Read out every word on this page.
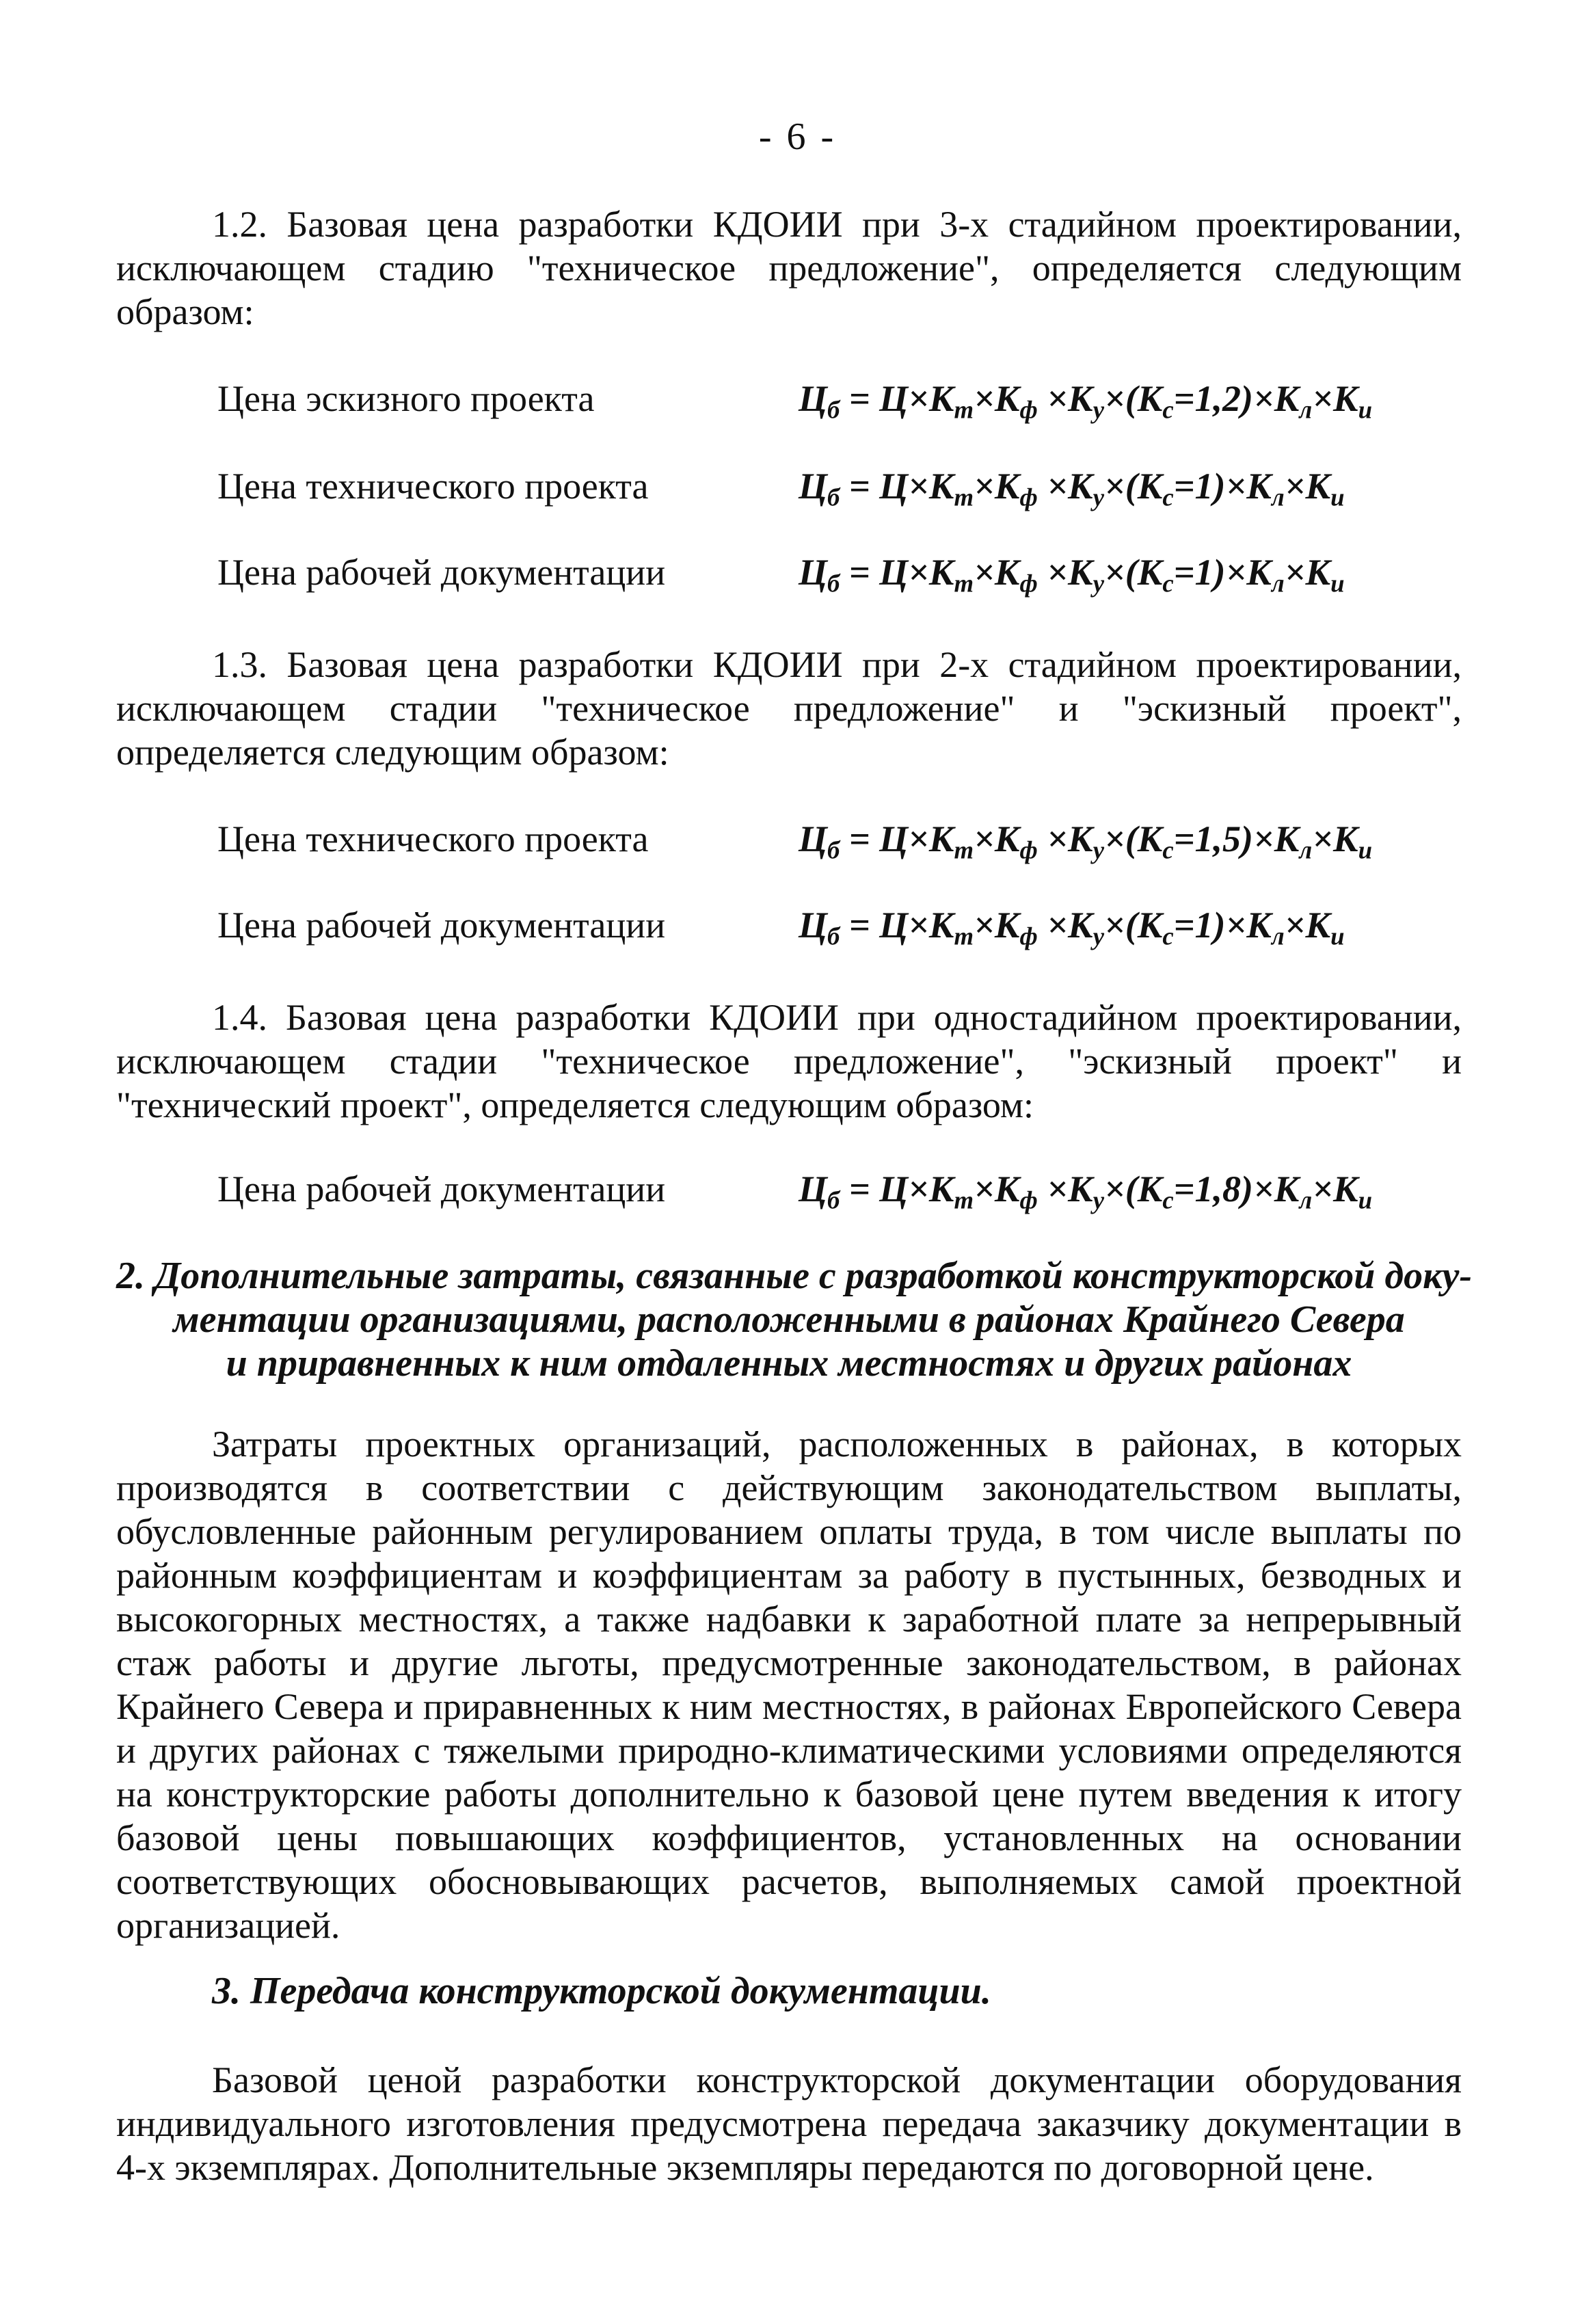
- 6 -

1.2. Базовая цена разработки КДОИИ при 3-х стадийном проектировании, исключающем стадию "техническое предложение", определяется следующим образом:

Цена эскизного проекта	$Ц_б = Ц\times К_т\times К_ф \times К_у\times(К_с=1,2)\times К_л\times К_и$
Цена технического проекта	$Ц_б = Ц\times К_т\times К_ф \times К_у\times(К_с=1)\times К_л\times К_и$
Цена рабочей документации	$Ц_б = Ц\times К_т\times К_ф \times К_у\times(К_с=1)\times К_л\times К_и$

1.3. Базовая цена разработки КДОИИ при 2-х стадийном проектировании, исключающем стадии "техническое предложение" и "эскизный проект", определяется следующим образом:

Цена технического проекта	$Ц_б = Ц\times К_т\times К_ф \times К_у\times(К_с=1,5)\times К_л\times К_и$
Цена рабочей документации	$Ц_б = Ц\times К_т\times К_ф \times К_у\times(К_с=1)\times К_л\times К_и$

1.4. Базовая цена разработки КДОИИ при одностадийном проектировании, исключающем стадии "техническое предложение", "эскизный проект" и "технический проект", определяется следующим образом:

Цена рабочей документации	$Ц_б = Ц\times К_т\times К_ф \times К_у\times(К_с=1,8)\times К_л\times К_и$
2. Дополнительные затраты, связанные с разработкой конструкторской доку-
ментации организациями, расположенными в районах Крайнего Севера
и приравненных к ним отдаленных местностях и других районах

Затраты проектных организаций, расположенных в районах, в которых производятся в соответствии с действующим законодательством выплаты, обусловленные районным регулированием оплаты труда, в том числе выплаты по районным коэффициентам и коэффициентам за работу в пустынных, безводных и высокогорных местностях, а также надбавки к заработной плате за непрерывный стаж работы и другие льготы, предусмотренные законодательством, в районах Крайнего Севера и приравненных к ним местностях, в районах Европейского Севера и других районах с тяжелыми природно-климатическими условиями определяются на конструкторские работы дополнительно к базовой цене путем введения к итогу базовой цены повышающих коэффициентов, установленных на основании соответствующих обосновывающих расчетов, выполняемых самой проектной организацией.

3. Передача конструкторской документации.

Базовой ценой разработки конструкторской документации оборудования индивидуального изготовления предусмотрена передача заказчику документации в 4-х экземплярах. Дополнительные экземпляры передаются по договорной цене.
